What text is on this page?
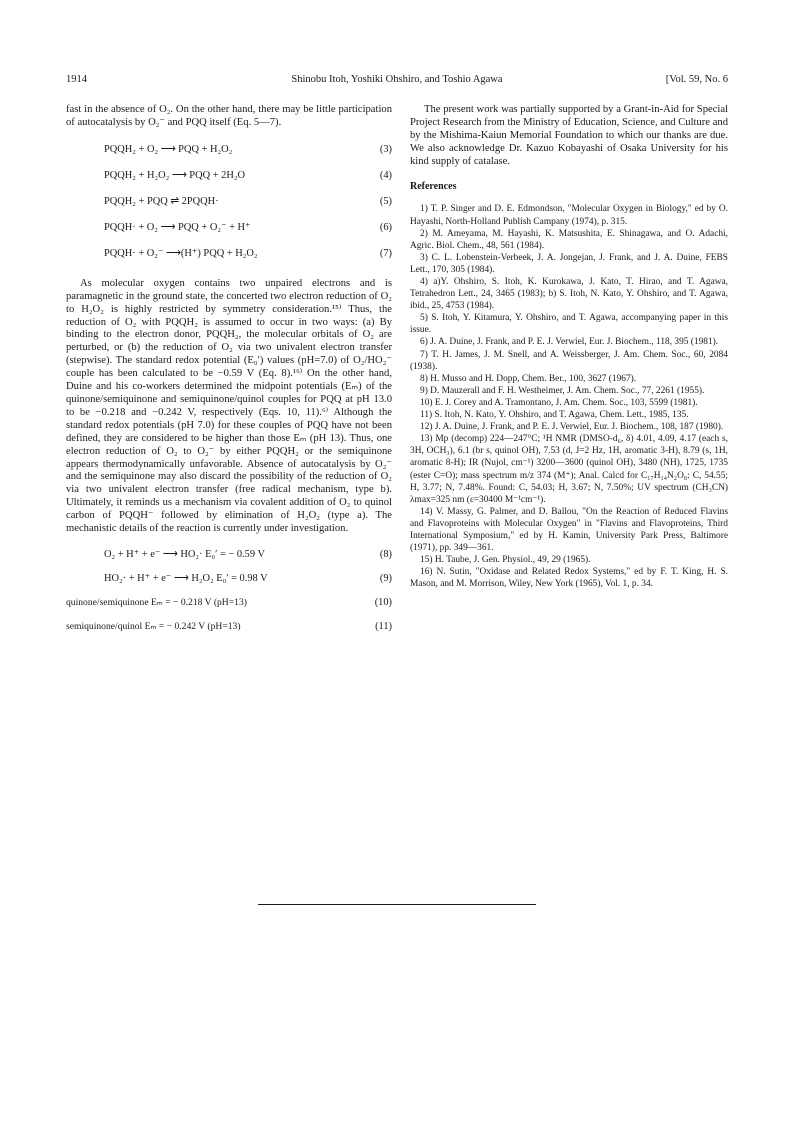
1914	Shinobu Itoh, Yoshiki Ohshiro, and Toshio Agawa	[Vol. 59, No. 6

fast in the absence of O₂. On the other hand, there may be little participation of autocatalysis by O₂⁻ and PQQ itself (Eq. 5—7).

PQQH₂ + O₂ ⟶ PQQ + H₂O₂	(3)
PQQH₂ + H₂O₂ ⟶ PQQ + 2H₂O	(4)
PQQH₂ + PQQ ⇌ 2PQQH·	(5)
PQQH· + O₂ ⟶ PQQ + O₂⁻ + H⁺	(6)
PQQH· + O₂⁻ ⟶(H⁺) PQQ + H₂O₂	(7)

As molecular oxygen contains two unpaired electrons and is paramagnetic in the ground state, the concerted two electron reduction of O₂ to H₂O₂ is highly restricted by symmetry consideration.¹⁵⁾ Thus, the reduction of O₂ with PQQH₂ is assumed to occur in two ways: (a) By binding to the electron donor, PQQH₂, the molecular orbitals of O₂ are perturbed, or (b) the reduction of O₂ via two univalent electron transfer (stepwise). The standard redox potential (E₀′) values (pH=7.0) of O₂/HO₂⁻ couple has been calculated to be −0.59 V (Eq. 8).¹⁶⁾ On the other hand, Duine and his co-workers determined the midpoint potentials (Eₘ) of the quinone/semiquinone and semiquinone/quinol couples for PQQ at pH 13.0 to be −0.218 and −0.242 V, respectively (Eqs. 10, 11).⁶⁾ Although the standard redox potentials (pH 7.0) for these couples of PQQ have not been defined, they are considered to be higher than those Eₘ (pH 13). Thus, one electron reduction of O₂ to O₂⁻ by either PQQH₂ or the semiquinone appears thermodynamically unfavorable. Absence of autocatalysis by O₂⁻ and the semiquinone may also discard the possibility of the reduction of O₂ via two univalent electron transfer (free radical mechanism, type b). Ultimately, it reminds us a mechanism via covalent addition of O₂ to quinol carbon of PQQH⁻ followed by elimination of H₂O₂ (type a). The mechanistic details of the reaction is currently under investigation.

O₂ + H⁺ + e⁻ ⟶ HO₂· E₀′ = − 0.59 V	(8)
HO₂· + H⁺ + e⁻ ⟶ H₂O₂ E₀′ = 0.98 V	(9)
quinone/semiquinone Eₘ = − 0.218 V (pH=13)	(10)
semiquinone/quinol Eₘ = − 0.242 V (pH=13)	(11)

The present work was partially supported by a Grant-in-Aid for Special Project Research from the Ministry of Education, Science, and Culture and by the Mishima-Kaiun Memorial Foundation to which our thanks are due. We also acknowledge Dr. Kazuo Kobayashi of Osaka University for his kind supply of catalase.

References

1) T. P. Singer and D. E. Edmondson, "Molecular Oxygen in Biology," ed by O. Hayashi, North-Holland Publish Campany (1974), p. 315.

2) M. Ameyama, M. Hayashi, K. Matsushita, E. Shinagawa, and O. Adachi, Agric. Biol. Chem., 48, 561 (1984).

3) C. L. Lobenstein-Verbeek, J. A. Jongejan, J. Frank, and J. A. Duine, FEBS Lett., 170, 305 (1984).

4) a)Y. Ohshiro, S. Itoh, K. Kurokawa, J. Kato, T. Hirao, and T. Agawa, Tetrahedron Lett., 24, 3465 (1983); b) S. Itoh, N. Kato, Y. Ohshiro, and T. Agawa, ibid., 25, 4753 (1984).

5) S. Itoh, Y. Kitamura, Y. Ohshiro, and T. Agawa, accompanying paper in this issue.

6) J. A. Duine, J. Frank, and P. E. J. Verwiel, Eur. J. Biochem., 118, 395 (1981).

7) T. H. James, J. M. Snell, and A. Weissberger, J. Am. Chem. Soc., 60, 2084 (1938).

8) H. Musso and H. Dopp, Chem. Ber., 100, 3627 (1967).

9) D. Mauzerall and F. H. Westheimer, J. Am. Chem. Soc., 77, 2261 (1955).

10) E. J. Corey and A. Tramontano, J. Am. Chem. Soc., 103, 5599 (1981).

11) S. Itoh, N. Kato, Y. Ohshiro, and T. Agawa, Chem. Lett., 1985, 135.

12) J. A. Duine, J. Frank, and P. E. J. Verwiel, Eur. J. Biochem., 108, 187 (1980).

13) Mp (decomp) 224—247°C; ¹H NMR (DMSO-d₆, δ) 4.01, 4.09, 4.17 (each s, 3H, OCH₃), 6.1 (br s, quinol OH), 7.53 (d, J=2 Hz, 1H, aromatic 3-H), 8.79 (s, 1H, aromatic 8-H); IR (Nujol, cm⁻¹) 3200—3600 (quinol OH), 3480 (NH), 1725, 1735 (ester C=O); mass spectrum m/z 374 (M⁺); Anal. Calcd for C₁₇H₁₄N₂O₈: C, 54.55; H, 3.77; N, 7.48%. Found: C, 54.03; H, 3.67; N, 7.50%; UV spectrum (CH₃CN) λmax=325 nm (ε=30400 M⁻¹cm⁻¹).

14) V. Massy, G. Palmer, and D. Ballou, "On the Reaction of Reduced Flavins and Flavoproteins with Molecular Oxygen" in "Flavins and Flavoproteins, Third International Symposium," ed by H. Kamin, University Park Press, Baltimore (1971), pp. 349—361.

15) H. Taube, J. Gen. Physiol., 49, 29 (1965).

16) N. Sutin, "Oxidase and Related Redox Systems," ed by F. T. King, H. S. Mason, and M. Morrison, Wiley, New York (1965), Vol. 1, p. 34.
